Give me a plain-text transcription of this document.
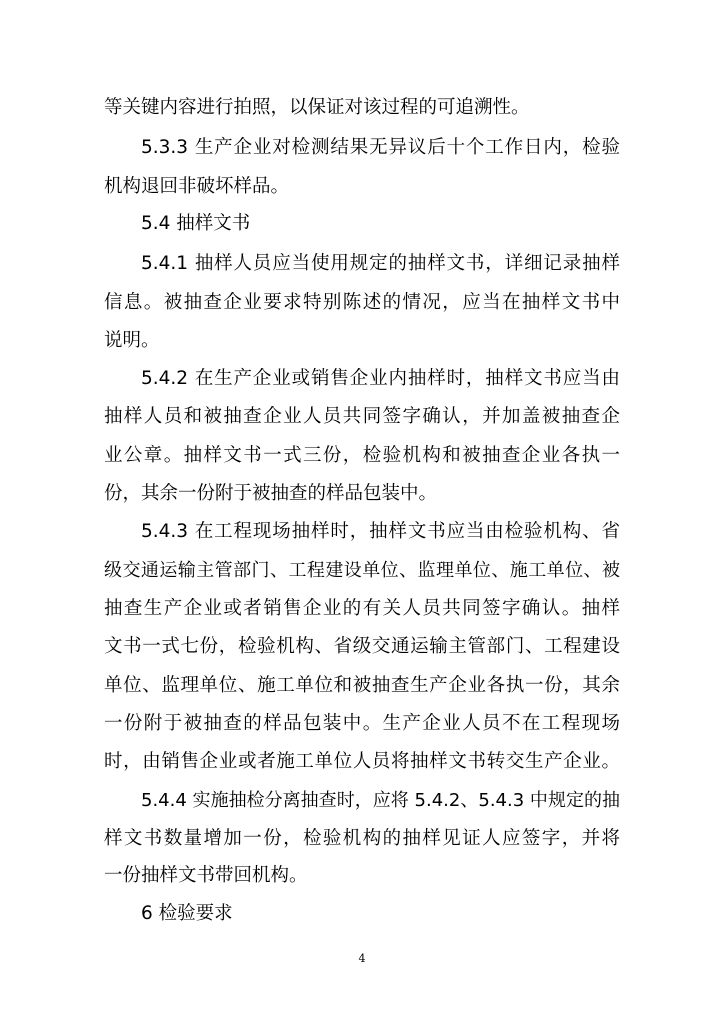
等关键内容进行拍照，以保证对该过程的可追溯性。
5.3.3 生产企业对检测结果无异议后十个工作日内，检验
机构退回非破坏样品。
5.4 抽样文书
5.4.1 抽样人员应当使用规定的抽样文书，详细记录抽样
信息。被抽查企业要求特别陈述的情况，应当在抽样文书中
说明。
5.4.2 在生产企业或销售企业内抽样时，抽样文书应当由
抽样人员和被抽查企业人员共同签字确认，并加盖被抽查企
业公章。抽样文书一式三份，检验机构和被抽查企业各执一
份，其余一份附于被抽查的样品包装中。
5.4.3 在工程现场抽样时，抽样文书应当由检验机构、省
级交通运输主管部门、工程建设单位、监理单位、施工单位、被
抽查生产企业或者销售企业的有关人员共同签字确认。抽样
文书一式七份，检验机构、省级交通运输主管部门、工程建设
单位、监理单位、施工单位和被抽查生产企业各执一份，其余
一份附于被抽查的样品包装中。生产企业人员不在工程现场
时，由销售企业或者施工单位人员将抽样文书转交生产企业。
5.4.4 实施抽检分离抽查时，应将 5.4.2、5.4.3 中规定的抽
样文书数量增加一份，检验机构的抽样见证人应签字，并将
一份抽样文书带回机构。
6 检验要求
4
